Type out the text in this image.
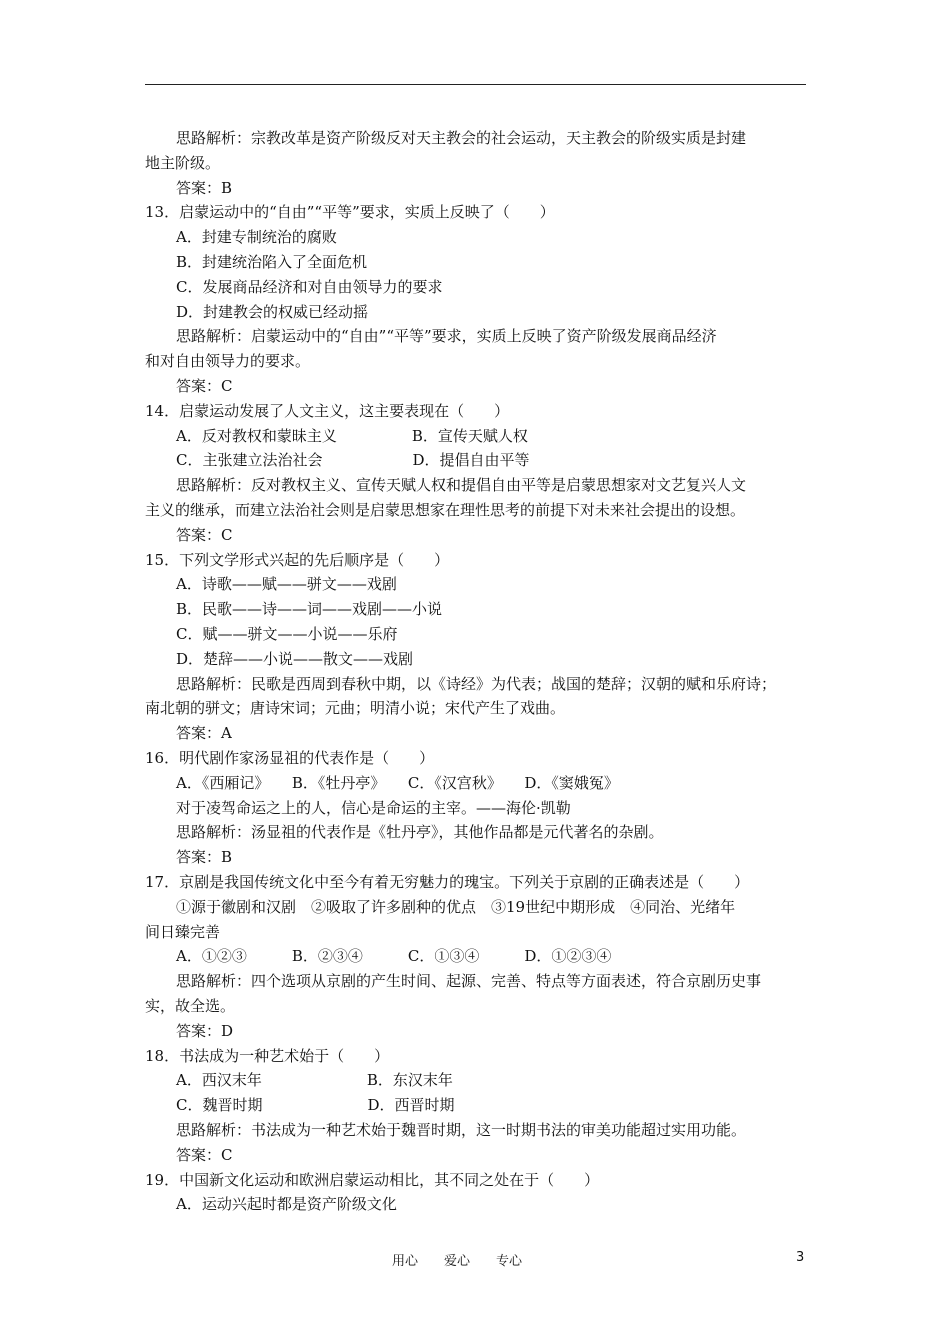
思路解析：宗教改革是资产阶级反对天主教会的社会运动，天主教会的阶级实质是封建
地主阶级。
答案：B
13．启蒙运动中的“自由”“平等”要求，实质上反映了（　　）
A．封建专制统治的腐败
B．封建统治陷入了全面危机
C．发展商品经济和对自由领导力的要求
D．封建教会的权威已经动摇
思路解析：启蒙运动中的“自由”“平等”要求，实质上反映了资产阶级发展商品经济
和对自由领导力的要求。
答案：C
14．启蒙运动发展了人文主义，这主要表现在（　　）
A．反对教权和蒙昧主义　　　　　B．宣传天赋人权
C．主张建立法治社会　　　　　　D．提倡自由平等
思路解析：反对教权主义、宣传天赋人权和提倡自由平等是启蒙思想家对文艺复兴人文
主义的继承，而建立法治社会则是启蒙思想家在理性思考的前提下对未来社会提出的设想。
答案：C
15．下列文学形式兴起的先后顺序是（　　）
A．诗歌——赋——骈文——戏剧
B．民歌——诗——词——戏剧——小说
C．赋——骈文——小说——乐府
D．楚辞——小说——散文——戏剧
思路解析：民歌是西周到春秋中期，以《诗经》为代表；战国的楚辞；汉朝的赋和乐府诗；
南北朝的骈文；唐诗宋词；元曲；明清小说；宋代产生了戏曲。
答案：A
16．明代剧作家汤显祖的代表作是（　　）
A．《西厢记》　　B．《牡丹亭》　　C．《汉宫秋》　　D．《窦娥冤》
对于凌驾命运之上的人，信心是命运的主宰。——海伦·凯勒
思路解析：汤显祖的代表作是《牡丹亭》，其他作品都是元代著名的杂剧。
答案：B
17．京剧是我国传统文化中至今有着无穷魅力的瑰宝。下列关于京剧的正确表述是（　　）
①源于徽剧和汉剧　②吸取了许多剧种的优点　③19世纪中期形成　④同治、光绪年
间日臻完善
A．①②③　　　B．②③④　　　C．①③④　　　D．①②③④
思路解析：四个选项从京剧的产生时间、起源、完善、特点等方面表述，符合京剧历史事
实，故全选。
答案：D
18．书法成为一种艺术始于（　　）
A．西汉末年　　　　　　　B．东汉末年
C．魏晋时期　　　　　　　D．西晋时期
思路解析：书法成为一种艺术始于魏晋时期，这一时期书法的审美功能超过实用功能。
答案：C
19．中国新文化运动和欧洲启蒙运动相比，其不同之处在于（　　）
A．运动兴起时都是资产阶级文化
用心　　爱心　　专心	3
